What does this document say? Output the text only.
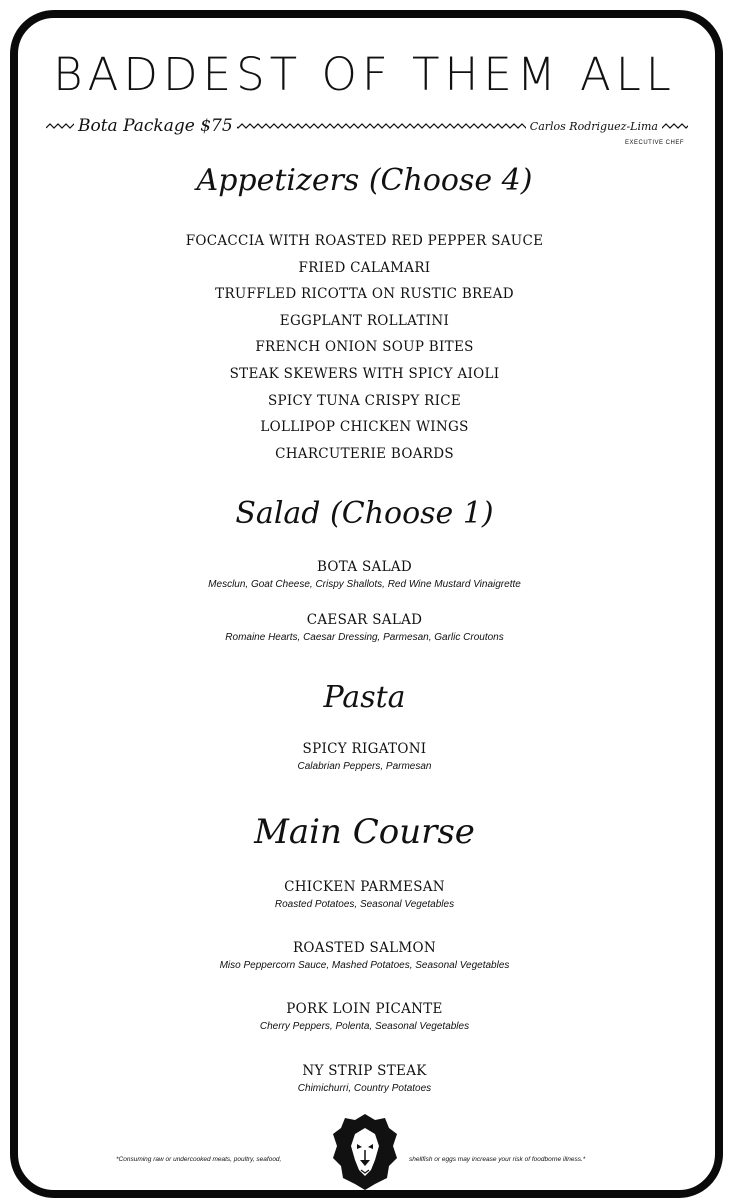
BADDEST OF THEM ALL
Bota Package $75	Carlos Rodriguez-Lima
EXECUTIVE CHEF
Appetizers (Choose 4)
FOCACCIA WITH ROASTED RED PEPPER SAUCE
FRIED CALAMARI
TRUFFLED RICOTTA ON RUSTIC BREAD
EGGPLANT ROLLATINI
FRENCH ONION SOUP BITES
STEAK SKEWERS WITH SPICY AIOLI
SPICY TUNA CRISPY RICE
LOLLIPOP CHICKEN WINGS
CHARCUTERIE BOARDS
Salad (Choose 1)
BOTA SALAD
Mesclun, Goat Cheese, Crispy Shallots, Red Wine Mustard Vinaigrette
CAESAR SALAD
Romaine Hearts, Caesar Dressing, Parmesan, Garlic Croutons
Pasta
SPICY RIGATONI
Calabrian Peppers, Parmesan
Main Course
CHICKEN PARMESAN
Roasted Potatoes, Seasonal Vegetables
ROASTED SALMON
Miso Peppercorn Sauce, Mashed Potatoes, Seasonal Vegetables
PORK LOIN PICANTE
Cherry Peppers, Polenta, Seasonal Vegetables
NY STRIP STEAK
Chimichurri, Country Potatoes
*Consuming raw or undercooked meats, poultry, seafood,	shellfish or eggs may increase your risk of foodborne illness.*
